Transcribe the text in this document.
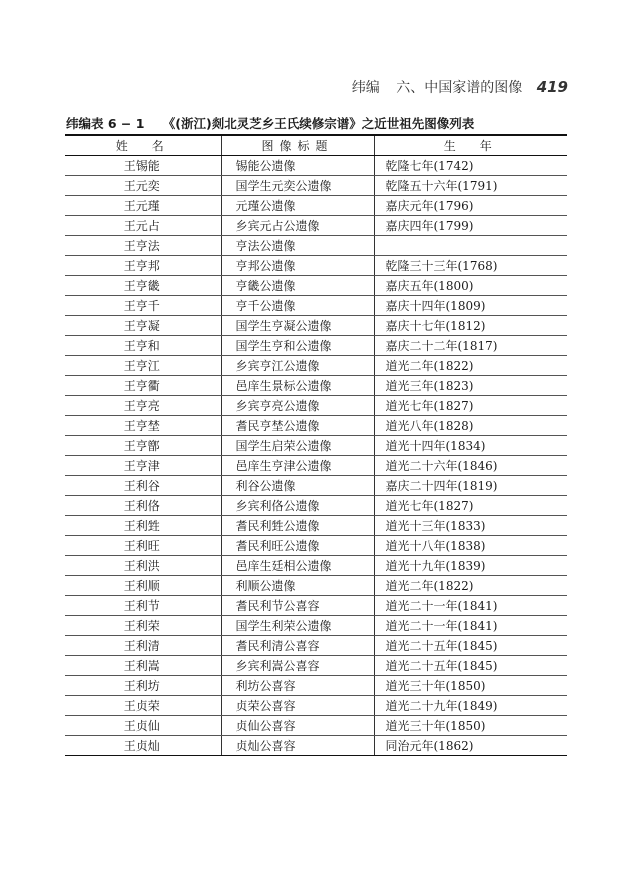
纬编 六、中国家谱的图像 419
纬编表 6 − 1 《(浙江)剡北灵芝乡王氏续修宗谱》之近世祖先图像列表
姓　名	图像标题	生　年
王锡能	锡能公遗像	乾隆七年(1742)
王元奕	国学生元奕公遗像	乾隆五十六年(1791)
王元瑾	元瑾公遗像	嘉庆元年(1796)
王元占	乡宾元占公遗像	嘉庆四年(1799)
王亨法	亨法公遗像	
王亨邦	亨邦公遗像	乾隆三十三年(1768)
王亨畿	亨畿公遗像	嘉庆五年(1800)
王亨千	亨千公遗像	嘉庆十四年(1809)
王亨凝	国学生亨凝公遗像	嘉庆十七年(1812)
王亨和	国学生亨和公遗像	嘉庆二十二年(1817)
王亨江	乡宾亨江公遗像	道光二年(1822)
王亨衢	邑庠生景标公遗像	道光三年(1823)
王亨亮	乡宾亨亮公遗像	道光七年(1827)
王亨埜	耆民亨埜公遗像	道光八年(1828)
王亨鄫	国学生启荣公遗像	道光十四年(1834)
王亨津	邑庠生亨津公遗像	道光二十六年(1846)
王利谷	利谷公遗像	嘉庆二十四年(1819)
王利佫	乡宾利佫公遗像	道光七年(1827)
王利甡	耆民利甡公遗像	道光十三年(1833)
王利旺	耆民利旺公遗像	道光十八年(1838)
王利洪	邑庠生廷相公遗像	道光十九年(1839)
王利顺	利顺公遗像	道光二年(1822)
王利节	耆民利节公喜容	道光二十一年(1841)
王利荣	国学生利荣公遗像	道光二十一年(1841)
王利清	耆民利清公喜容	道光二十五年(1845)
王利嵩	乡宾利嵩公喜容	道光二十五年(1845)
王利坊	利坊公喜容	道光三十年(1850)
王贞荣	贞荣公喜容	道光二十九年(1849)
王贞仙	贞仙公喜容	道光三十年(1850)
王贞灿	贞灿公喜容	同治元年(1862)
